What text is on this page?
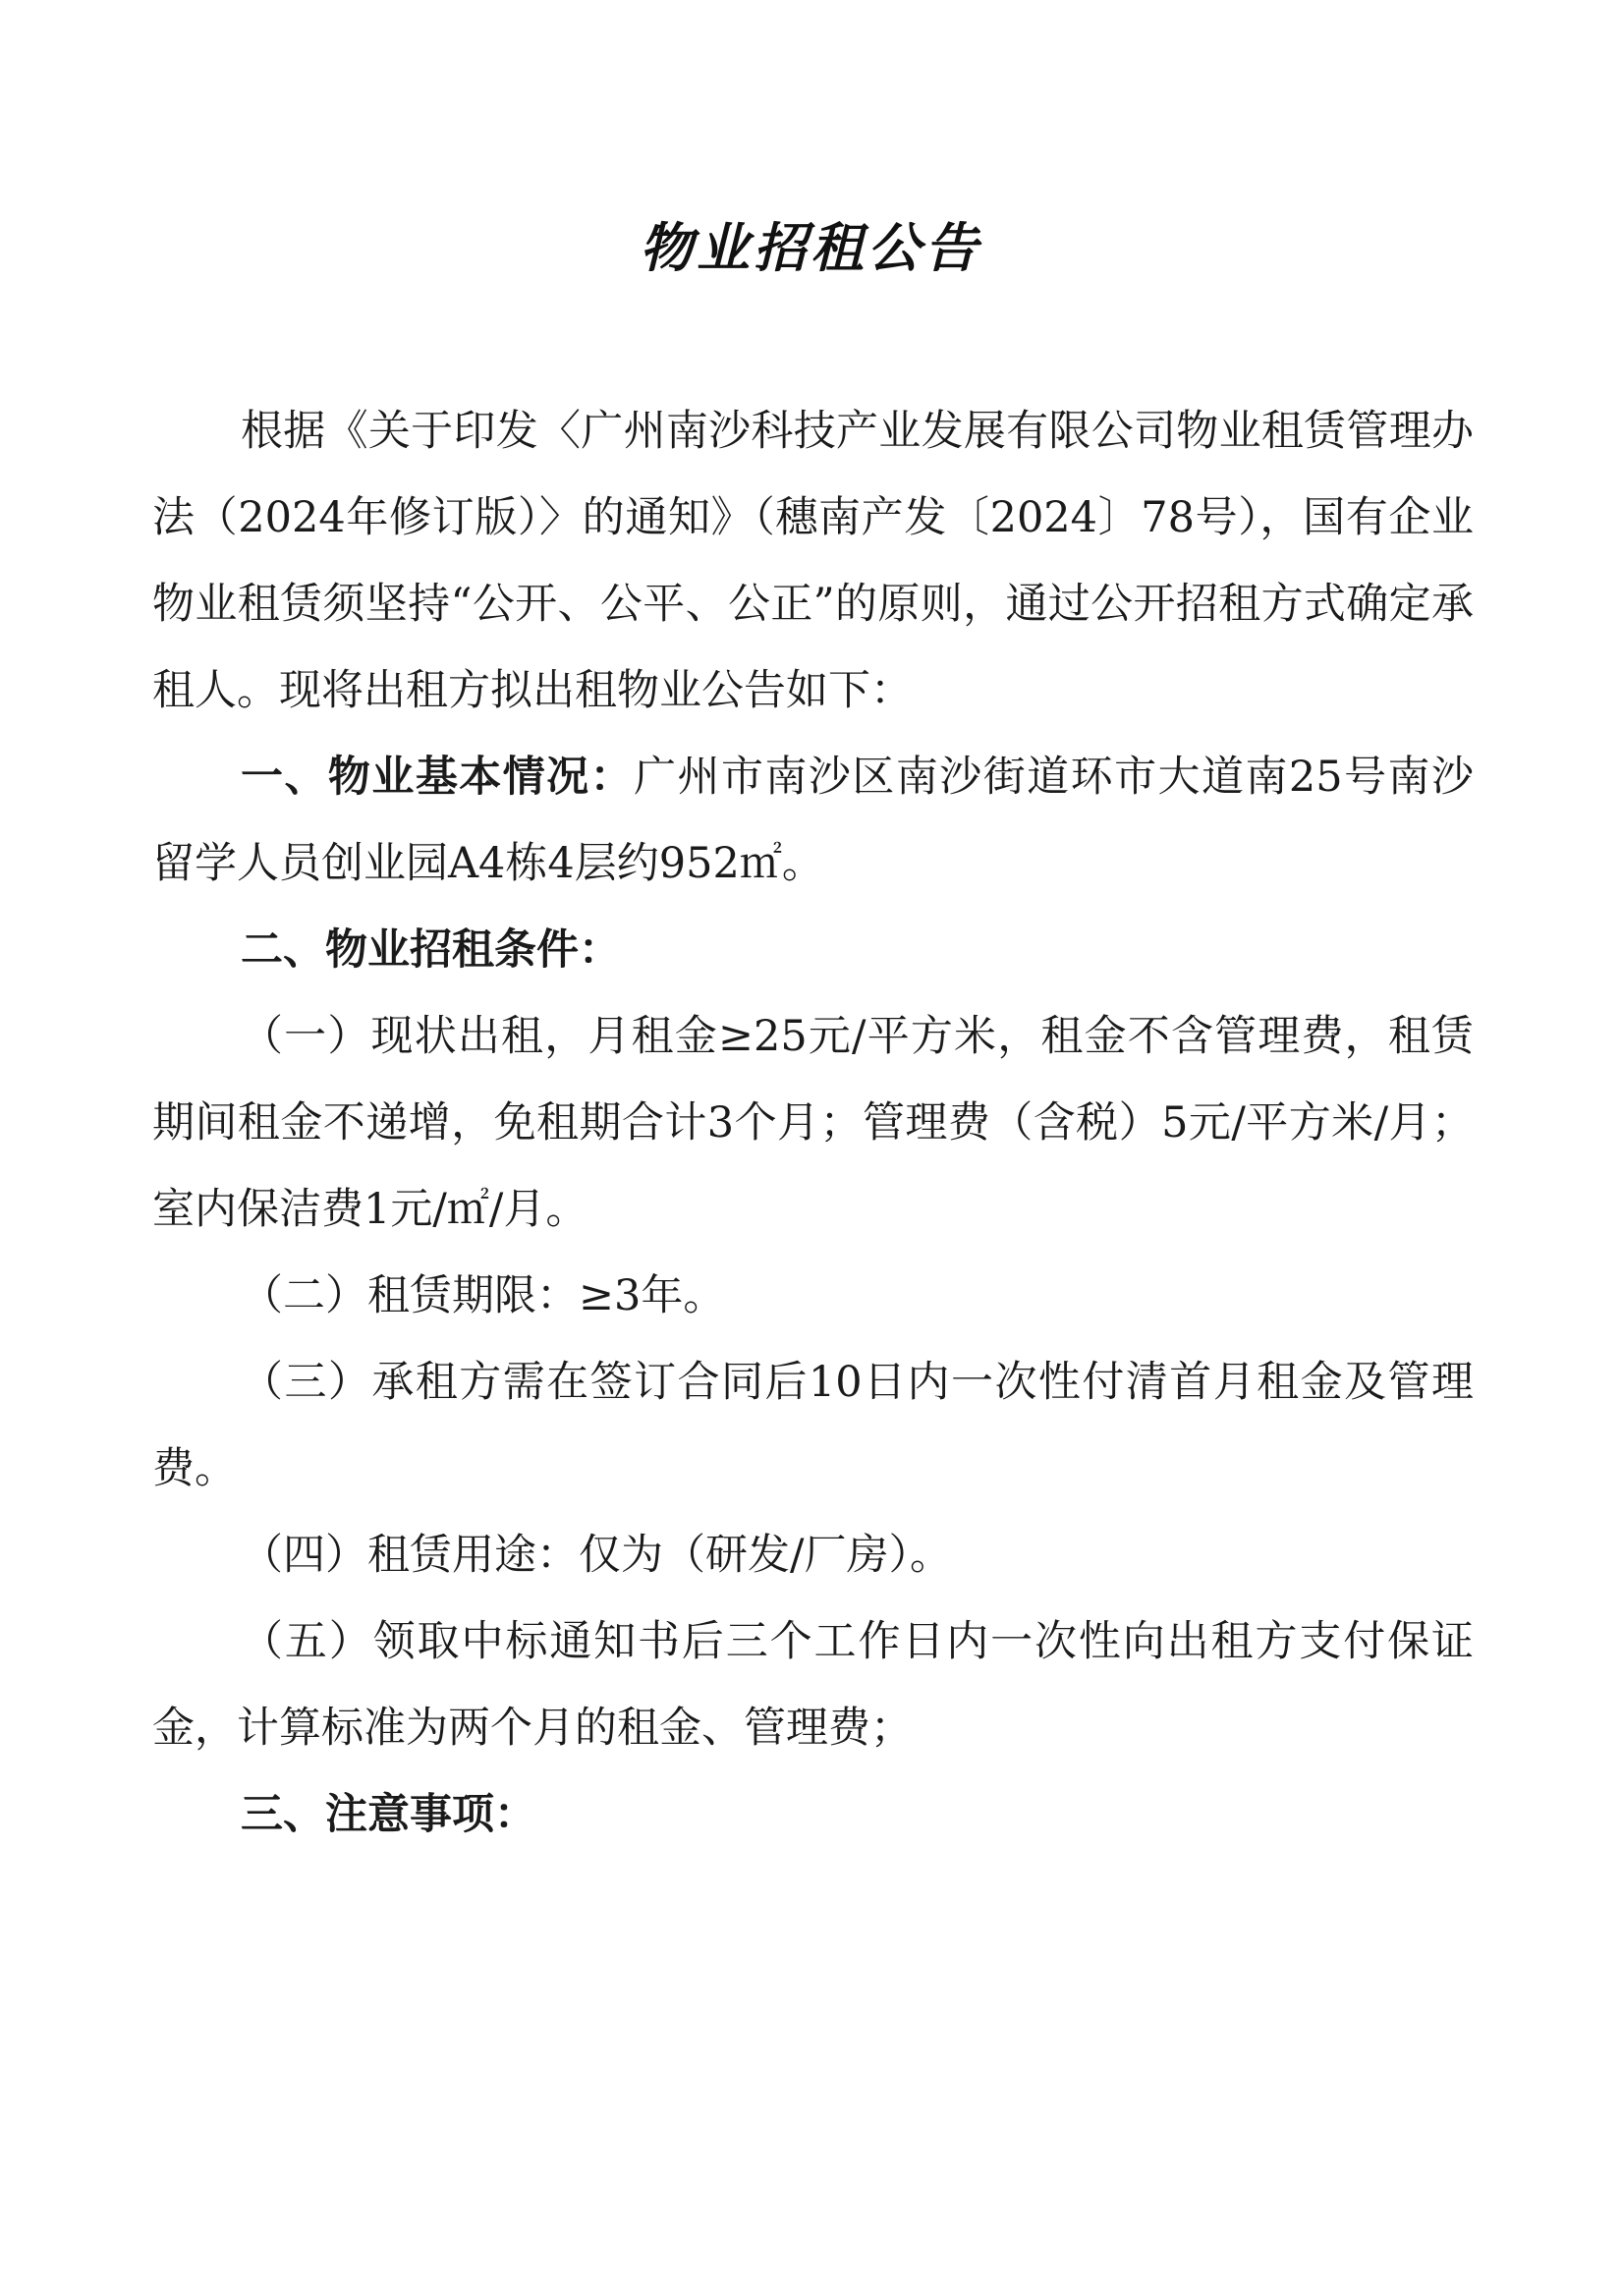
物业招租公告

根据《关于印发〈广州南沙科技产业发展有限公司物业租赁管理办法（2024年修订版）〉的通知》（穗南产发〔2024〕78号），国有企业物业租赁须坚持“公开、公平、公正”的原则，通过公开招租方式确定承租人。现将出租方拟出租物业公告如下：

一、物业基本情况：广州市南沙区南沙街道环市大道南25号南沙留学人员创业园A4栋4层约952㎡。

二、物业招租条件：

（一）现状出租，月租金≥25元/平方米，租金不含管理费，租赁期间租金不递增，免租期合计3个月；管理费（含税）5元/平方米/月；室内保洁费1元/㎡/月。

（二）租赁期限：≥3年。

（三）承租方需在签订合同后10日内一次性付清首月租金及管理费。

（四）租赁用途：仅为（研发/厂房）。

（五）领取中标通知书后三个工作日内一次性向出租方支付保证金，计算标准为两个月的租金、管理费；

三、注意事项：
